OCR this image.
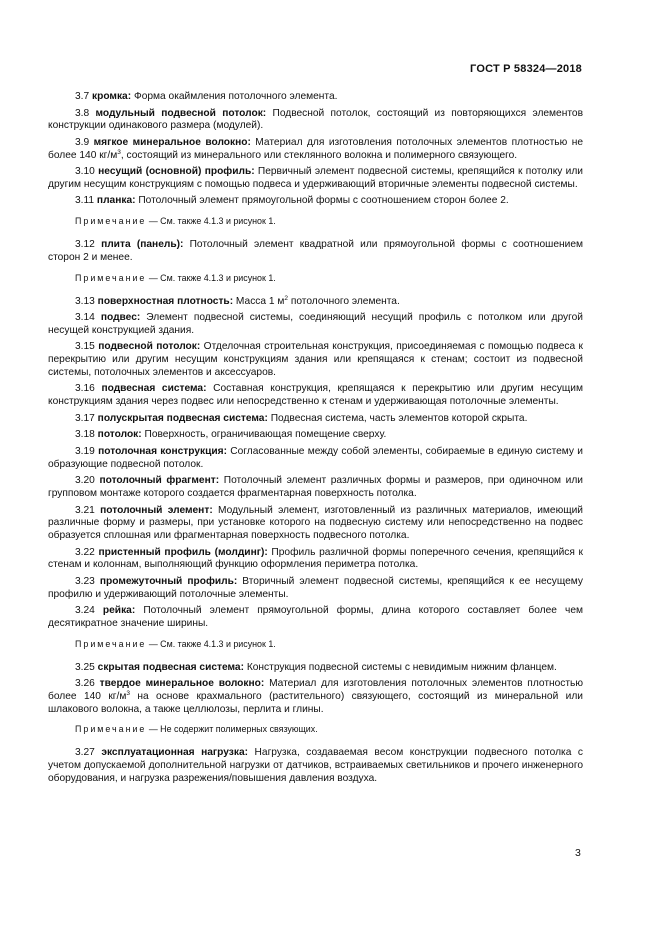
ГОСТ Р 58324—2018

3.7 кромка: Форма окаймления потолочного элемента.

3.8 модульный подвесной потолок: Подвесной потолок, состоящий из повторяющихся элементов конструкции одинакового размера (модулей).

3.9 мягкое минеральное волокно: Материал для изготовления потолочных элементов плотностью не более 140 $кг/м^3$, состоящий из минерального или стеклянного волокна и полимерного связующего.

3.10 несущий (основной) профиль: Первичный элемент подвесной системы, крепящийся к потолку или другим несущим конструкциям с помощью подвеса и удерживающий вторичные элементы подвесной системы.

3.11 планка: Потолочный элемент прямоугольной формы с соотношением сторон более 2.

Примечание — См. также 4.1.3 и рисунок 1.

3.12 плита (панель): Потолочный элемент квадратной или прямоугольной формы с соотношением сторон 2 и менее.

Примечание — См. также 4.1.3 и рисунок 1.

3.13 поверхностная плотность: Масса 1 $м^2$ потолочного элемента.

3.14 подвес: Элемент подвесной системы, соединяющий несущий профиль с потолком или другой несущей конструкцией здания.

3.15 подвесной потолок: Отделочная строительная конструкция, присоединяемая с помощью подвеса к перекрытию или другим несущим конструкциям здания или крепящаяся к стенам; состоит из подвесной системы, потолочных элементов и аксессуаров.

3.16 подвесная система: Составная конструкция, крепящаяся к перекрытию или другим несущим конструкциям здания через подвес или непосредственно к стенам и удерживающая потолочные элементы.

3.17 полускрытая подвесная система: Подвесная система, часть элементов которой скрыта.

3.18 потолок: Поверхность, ограничивающая помещение сверху.

3.19 потолочная конструкция: Согласованные между собой элементы, собираемые в единую систему и образующие подвесной потолок.

3.20 потолочный фрагмент: Потолочный элемент различных формы и размеров, при одиночном или групповом монтаже которого создается фрагментарная поверхность потолка.

3.21 потолочный элемент: Модульный элемент, изготовленный из различных материалов, имеющий различные форму и размеры, при установке которого на подвесную систему или непосредственно на подвес образуется сплошная или фрагментарная поверхность подвесного потолка.

3.22 пристенный профиль (молдинг): Профиль различной формы поперечного сечения, крепящийся к стенам и колоннам, выполняющий функцию оформления периметра потолка.

3.23 промежуточный профиль: Вторичный элемент подвесной системы, крепящийся к ее несущему профилю и удерживающий потолочные элементы.

3.24 рейка: Потолочный элемент прямоугольной формы, длина которого составляет более чем десятикратное значение ширины.

Примечание — См. также 4.1.3 и рисунок 1.

3.25 скрытая подвесная система: Конструкция подвесной системы с невидимым нижним фланцем.

3.26 твердое минеральное волокно: Материал для изготовления потолочных элементов плотностью более 140 $кг/м^3$ на основе крахмального (растительного) связующего, состоящий из минеральной или шлакового волокна, а также целлюлозы, перлита и глины.

Примечание — Не содержит полимерных связующих.

3.27 эксплуатационная нагрузка: Нагрузка, создаваемая весом конструкции подвесного потолка с учетом допускаемой дополнительной нагрузки от датчиков, встраиваемых светильников и прочего инженерного оборудования, и нагрузка разрежения/повышения давления воздуха.

3
